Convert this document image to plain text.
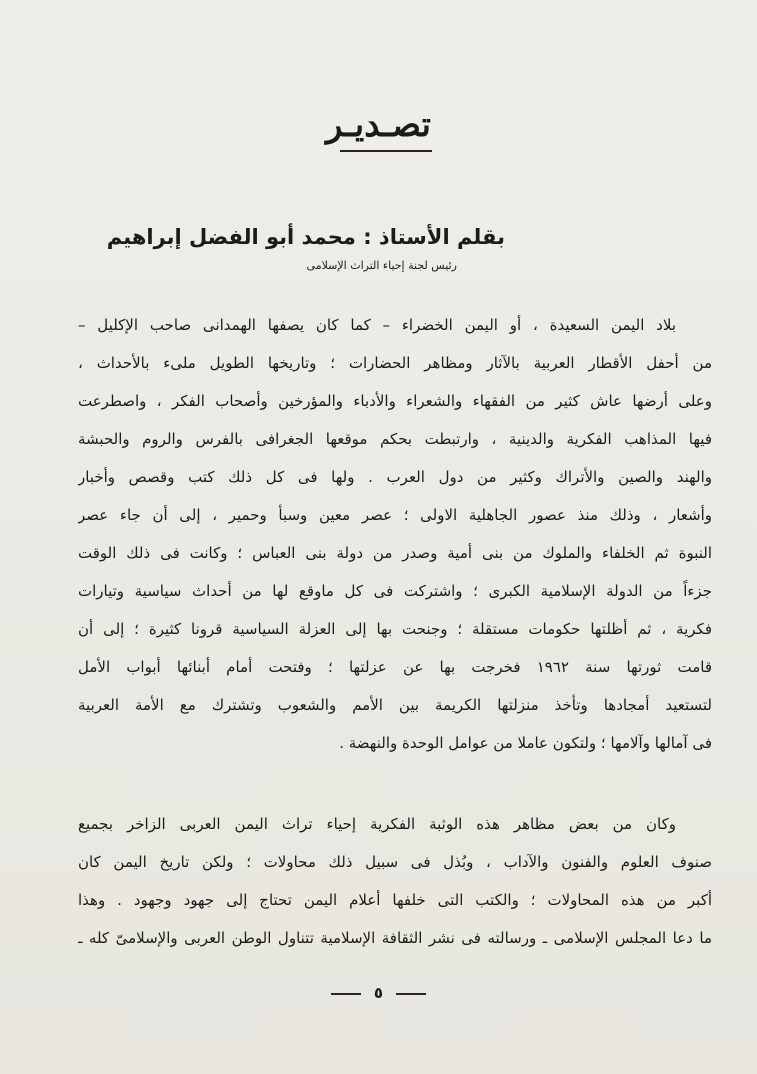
تصـديـر
بقلم الأستاذ : محمد أبو الفضل إبراهيم
رئيس لجنة إحياء التراث الإسلامى
بلاد اليمن السعيدة ، أو اليمن الخضراء – كما كان يصفها الهمدانى صاحب الإكليل –
من أحفل الأقطار العربية بالآثار ومظاهر الحضارات ؛ وتاريخها الطويل ملىء بالأحداث ،
وعلى أرضها عاش كثير من الفقهاء والشعراء والأدباء والمؤرخين وأصحاب الفكر ، واصطرعت
فيها المذاهب الفكرية والدينية ، وارتبطت بحكم موقعها الجغرافى بالفرس والروم والحبشة
والهند والصين والأتراك وكثير من دول العرب . ولها فى كل ذلك كتب وقصص وأخبار
وأشعار ، وذلك منذ عصور الجاهلية الاولى ؛ عصر معين وسبأ وحمير ، إلى أن جاء عصر
النبوة ثم الخلفاء والملوك من بنى أمية وصدر من دولة بنى العباس ؛ وكانت فى ذلك الوقت
جزءاً من الدولة الإسلامية الكبرى ؛ واشتركت فى كل ماوقع لها من أحداث سياسية وتيارات
فكرية ، ثم أظلتها حكومات مستقلة ؛ وجنحت بها إلى العزلة السياسية قرونا كثيرة ؛ إلى أن
قامت ثورتها سنة ١٩٦٢ فخرجت بها عن عزلتها ؛ وفتحت أمام أبنائها أبواب الأمل
لتستعيد أمجادها وتأخذ منزلتها الكريمة بين الأمم والشعوب وتشترك مع الأمة العربية
فى آمالها وآلامها ؛ ولتكون عاملا من عوامل الوحدة والنهضة .
وكان من بعض مظاهر هذه الوثبة الفكرية إحياء تراث اليمن العربى الزاخر بجميع
صنوف العلوم والفنون والآداب ، وبُذل فى سبيل ذلك محاولات ؛ ولكن تاريخ اليمن كان
أكبر من هذه المحاولات ؛ والكتب التى خلفها أعلام اليمن تحتاج إلى جهود وجهود . وهذا
ما دعا المجلس الإسلامى ـ ورسالته فى نشر الثقافة الإسلامية تتناول الوطن العربى والإسلامىّ كله ـ
٥
